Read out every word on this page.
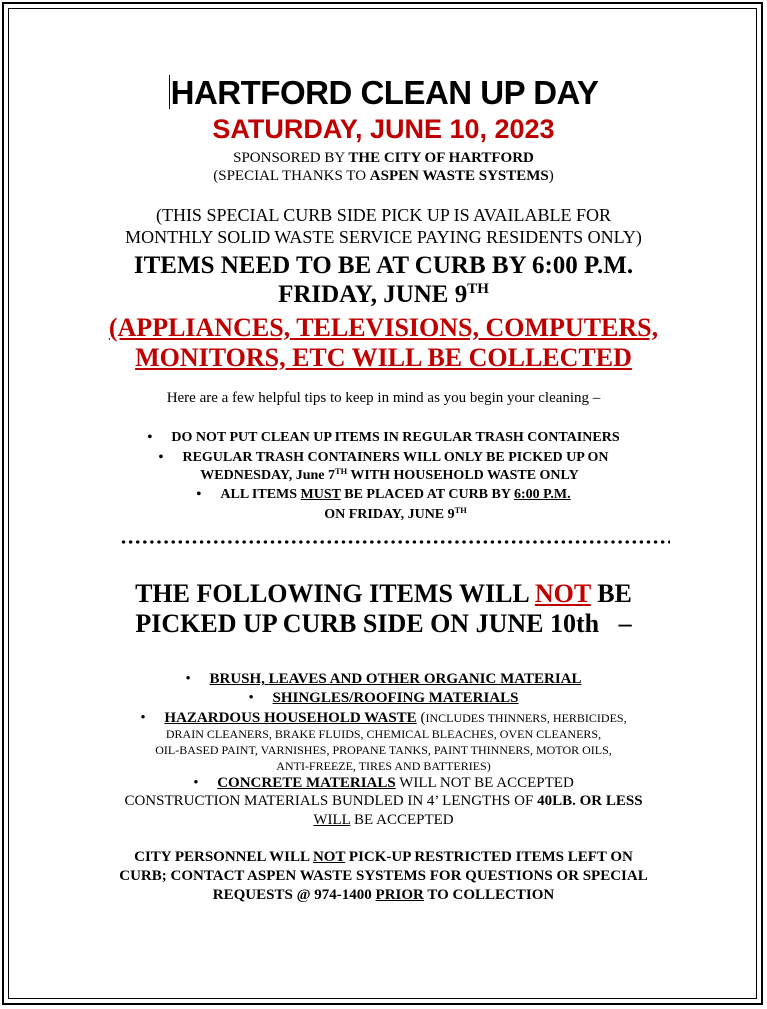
HARTFORD CLEAN UP DAY
SATURDAY, JUNE 10, 2023
SPONSORED BY THE CITY OF HARTFORD
(SPECIAL THANKS TO ASPEN WASTE SYSTEMS)
(THIS SPECIAL CURB SIDE PICK UP IS AVAILABLE FOR
MONTHLY SOLID WASTE SERVICE PAYING RESIDENTS ONLY)
ITEMS NEED TO BE AT CURB BY 6:00 P.M.
FRIDAY, JUNE 9TH
(APPLIANCES, TELEVISIONS, COMPUTERS,
MONITORS, ETC WILL BE COLLECTED
Here are a few helpful tips to keep in mind as you begin your cleaning –
• DO NOT PUT CLEAN UP ITEMS IN REGULAR TRASH CONTAINERS
• REGULAR TRASH CONTAINERS WILL ONLY BE PICKED UP ON
WEDNESDAY, June 7TH WITH HOUSEHOLD WASTE ONLY
• ALL ITEMS MUST BE PLACED AT CURB BY 6:00 P.M.
ON FRIDAY, JUNE 9TH
THE FOLLOWING ITEMS WILL NOT BE
PICKED UP CURB SIDE ON JUNE 10th   –
• BRUSH, LEAVES AND OTHER ORGANIC MATERIAL
• SHINGLES/ROOFING MATERIALS
• HAZARDOUS HOUSEHOLD WASTE (INCLUDES THINNERS, HERBICIDES,
DRAIN CLEANERS, BRAKE FLUIDS, CHEMICAL BLEACHES, OVEN CLEANERS,
OIL-BASED PAINT, VARNISHES, PROPANE TANKS, PAINT THINNERS, MOTOR OILS,
ANTI-FREEZE, TIRES AND BATTERIES)
• CONCRETE MATERIALS WILL NOT BE ACCEPTED
CONSTRUCTION MATERIALS BUNDLED IN 4’ LENGTHS OF 40LB. OR LESS
WILL BE ACCEPTED
CITY PERSONNEL WILL NOT PICK-UP RESTRICTED ITEMS LEFT ON
CURB; CONTACT ASPEN WASTE SYSTEMS FOR QUESTIONS OR SPECIAL
REQUESTS @ 974-1400 PRIOR TO COLLECTION
